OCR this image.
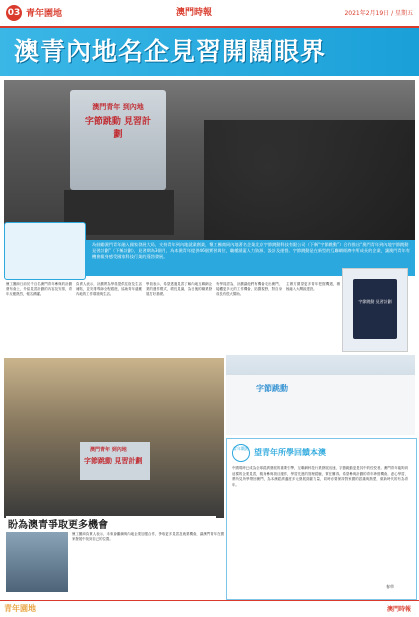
03 青年園地	澳門時報	2021年2月19日 / 星期五
澳青內地名企見習開闊眼界
澳門青年 到內地
字節跳動 見習計劃
為鼓勵澳門青年融入國家發展大局，支持青年到內地就業創業，懷工團商同內地著名企業北京字節跳動科技有限公司（下稱“字節跳動”）合作推出“澳門青年到內地字節跳動見習計劃”（下稱計劃），見習期為3個月，為本澳青年提供46個實習崗位，職種涵蓋人力資源、設計及運營。字節跳動是在新型的互聯網經濟中所成長的企業，讓澳門青年有機會親身感受國家科技行業的蓬勃發展。
懷工團商日前於千百名澳門青年參與的計劃發布會上，介紹見習計劃的內容及安排，青年反應熱烈，報名踴躍。
負責人表示，計劃將為學員提供住宿及生活補貼，並安排導師全程跟進，協助青年適應內地的工作環境與生活。
學員表示，希望透過見習了解內地互聯網企業的運作模式，增長見識，為日後的職業發展打好基礎。
有學員認為，計劃讓他們有機會走出澳門，接觸更多元的工作機會，拓闊視野，對自身成長有很大幫助。
主辦方期望更多青年把握機遇，積極融入大灣區建設。
字節跳動 見習計劃
澳門青年 到內地
字節跳動 見習計劃
字節跳動
盼為澳青爭取更多機會
懷工團商負責人表示，未來會繼續與內地企業加強合作，爭取更多見習及就業機會，讓澳門青年在國家發展中找到自己的位置。
青年觀點 望青年所學回饋本澳
中國現時已成為全球經濟發展的重要引擎，互聯網科技行業發展迅速，字節跳動更是其中的佼佼者。澳門青年能夠到這樣的企業見習，親身參與項目運作，學習先進的管理經驗，實在難得。希望參與計劃的青年珍惜機會，虛心學習，將所見所學帶回澳門，為本澳經濟適度多元發展貢獻力量，同時亦要保持對家國的認識與熱愛，做新時代的有為青年。
春草
青年園地	澳門時報
